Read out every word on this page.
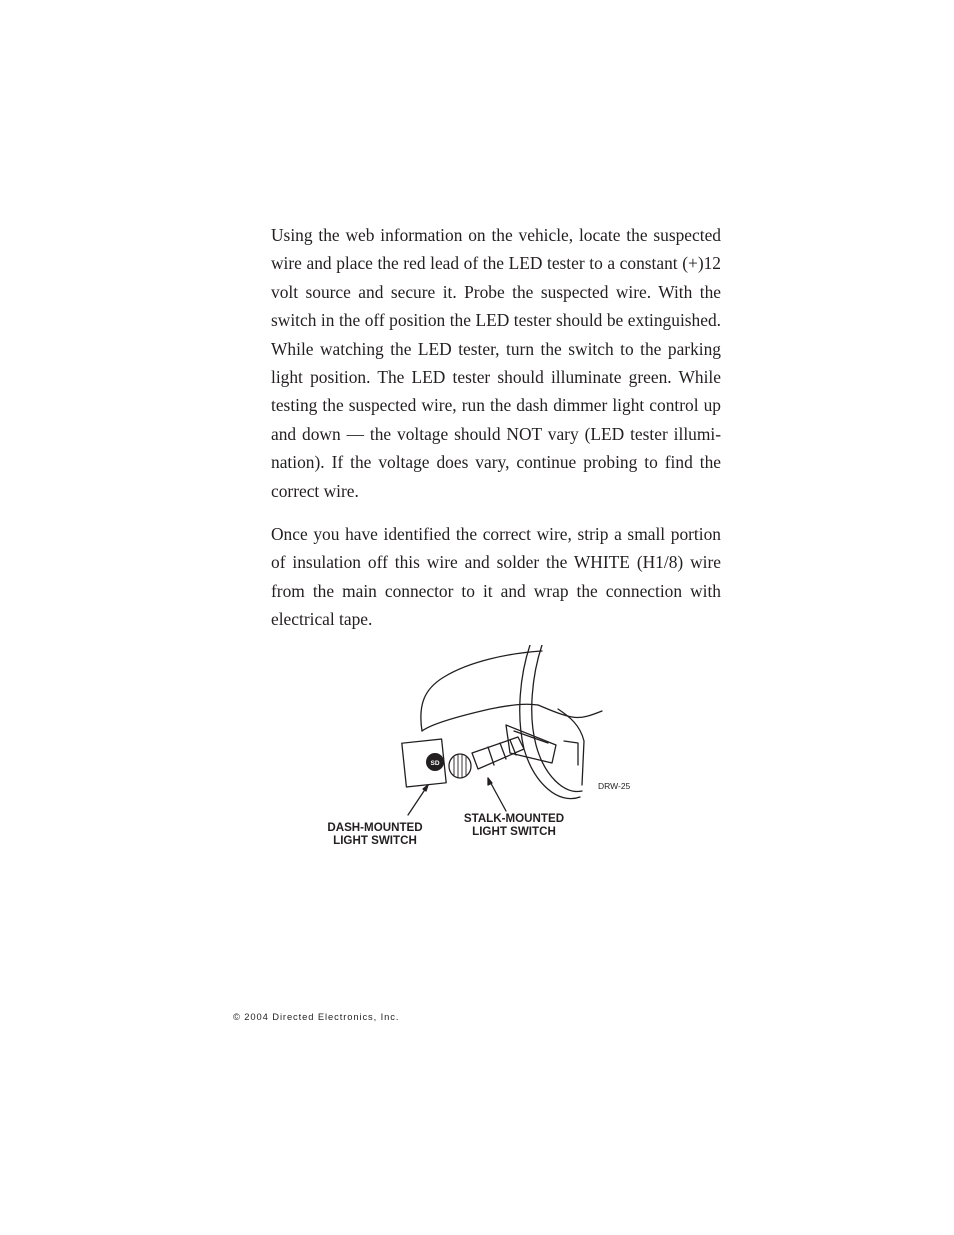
Using the web information on the vehicle, locate the suspected wire and place the red lead of the LED tester to a constant (+)12 volt source and secure it. Probe the suspected wire. With the switch in the off position the LED tester should be extinguished. While watching the LED tester, turn the switch to the parking light position. The LED tester should illuminate green. While testing the suspected wire, run the dash dimmer light control up and down — the voltage should NOT vary (LED tester illumi-nation). If the voltage does vary, continue probing to find the correct wire.

Once you have identified the correct wire, strip a small portion of insulation off this wire and solder the WHITE (H1/8) wire from the main connector to it and wrap the connection with electrical tape.

SD
DASH-MOUNTED
LIGHT SWITCH
STALK-MOUNTED
LIGHT SWITCH
DRW-25
© 2004 Directed Electronics, Inc.
